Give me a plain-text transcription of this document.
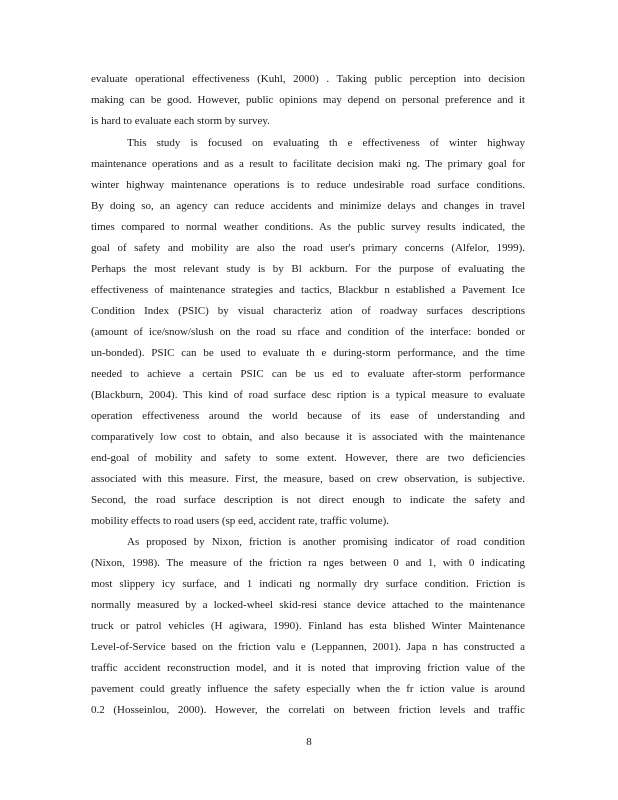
evaluate operational effectiveness (Kuhl, 2000) . Taking public perception into decision
making can be good. However, public opinions may depend on personal preference and it
is hard to evaluate each storm by survey.
This study is focused on evaluating th e effectiveness of winter highway
maintenance operations and as a result to facilitate decision maki ng. The primary goal for
winter highway maintenance operations is to reduce undesirable road surface conditions.
By doing so, an agency can reduce accidents and minimize delays and changes in travel
times compared to normal weather conditions. As the public survey results indicated, the
goal of safety and mobility are also the road user's primary concerns (Alfelor, 1999).
Perhaps the most relevant study is by Bl ackburn. For the purpose of evaluating the
effectiveness of maintenance strategies and tactics, Blackbur n established a Pavement Ice
Condition Index (PSIC) by visual characteriz ation of roadway surfaces descriptions
(amount of ice/snow/slush on the road su rface and condition of the interface: bonded or
un-bonded). PSIC can be used to evaluate th e during-storm performance, and the time
needed to achieve a certain PSIC can be us ed to evaluate after-storm performance
(Blackburn, 2004). This kind of road surface desc ription is a typical measure to evaluate
operation effectiveness around the world because of its ease of understanding and
comparatively low cost to obtain, and also because it is associated with the maintenance
end-goal of mobility and safety to some extent. However, there are two deficiencies
associated with this measure. First, the measure, based on crew observation, is subjective.
Second, the road surface description is not direct enough to indicate the safety and
mobility effects to road users (sp eed, accident rate, traffic volume).
As proposed by Nixon, friction is another promising indicator of road condition
(Nixon, 1998). The measure of the friction ra nges between 0 and 1, with 0 indicating
most slippery icy surface, and 1 indicati ng normally dry surface condition. Friction is
normally measured by a locked-wheel skid-resi stance device attached to the maintenance
truck or patrol vehicles (H agiwara, 1990). Finland has esta blished Winter Maintenance
Level-of-Service based on the friction valu e (Leppannen, 2001). Japa n has constructed a
traffic accident reconstruction model, and it is noted that improving friction value of the
pavement could greatly influence the safety especially when the fr iction value is around
0.2 (Hosseinlou, 2000). However, the correlati on between friction levels and traffic
8
